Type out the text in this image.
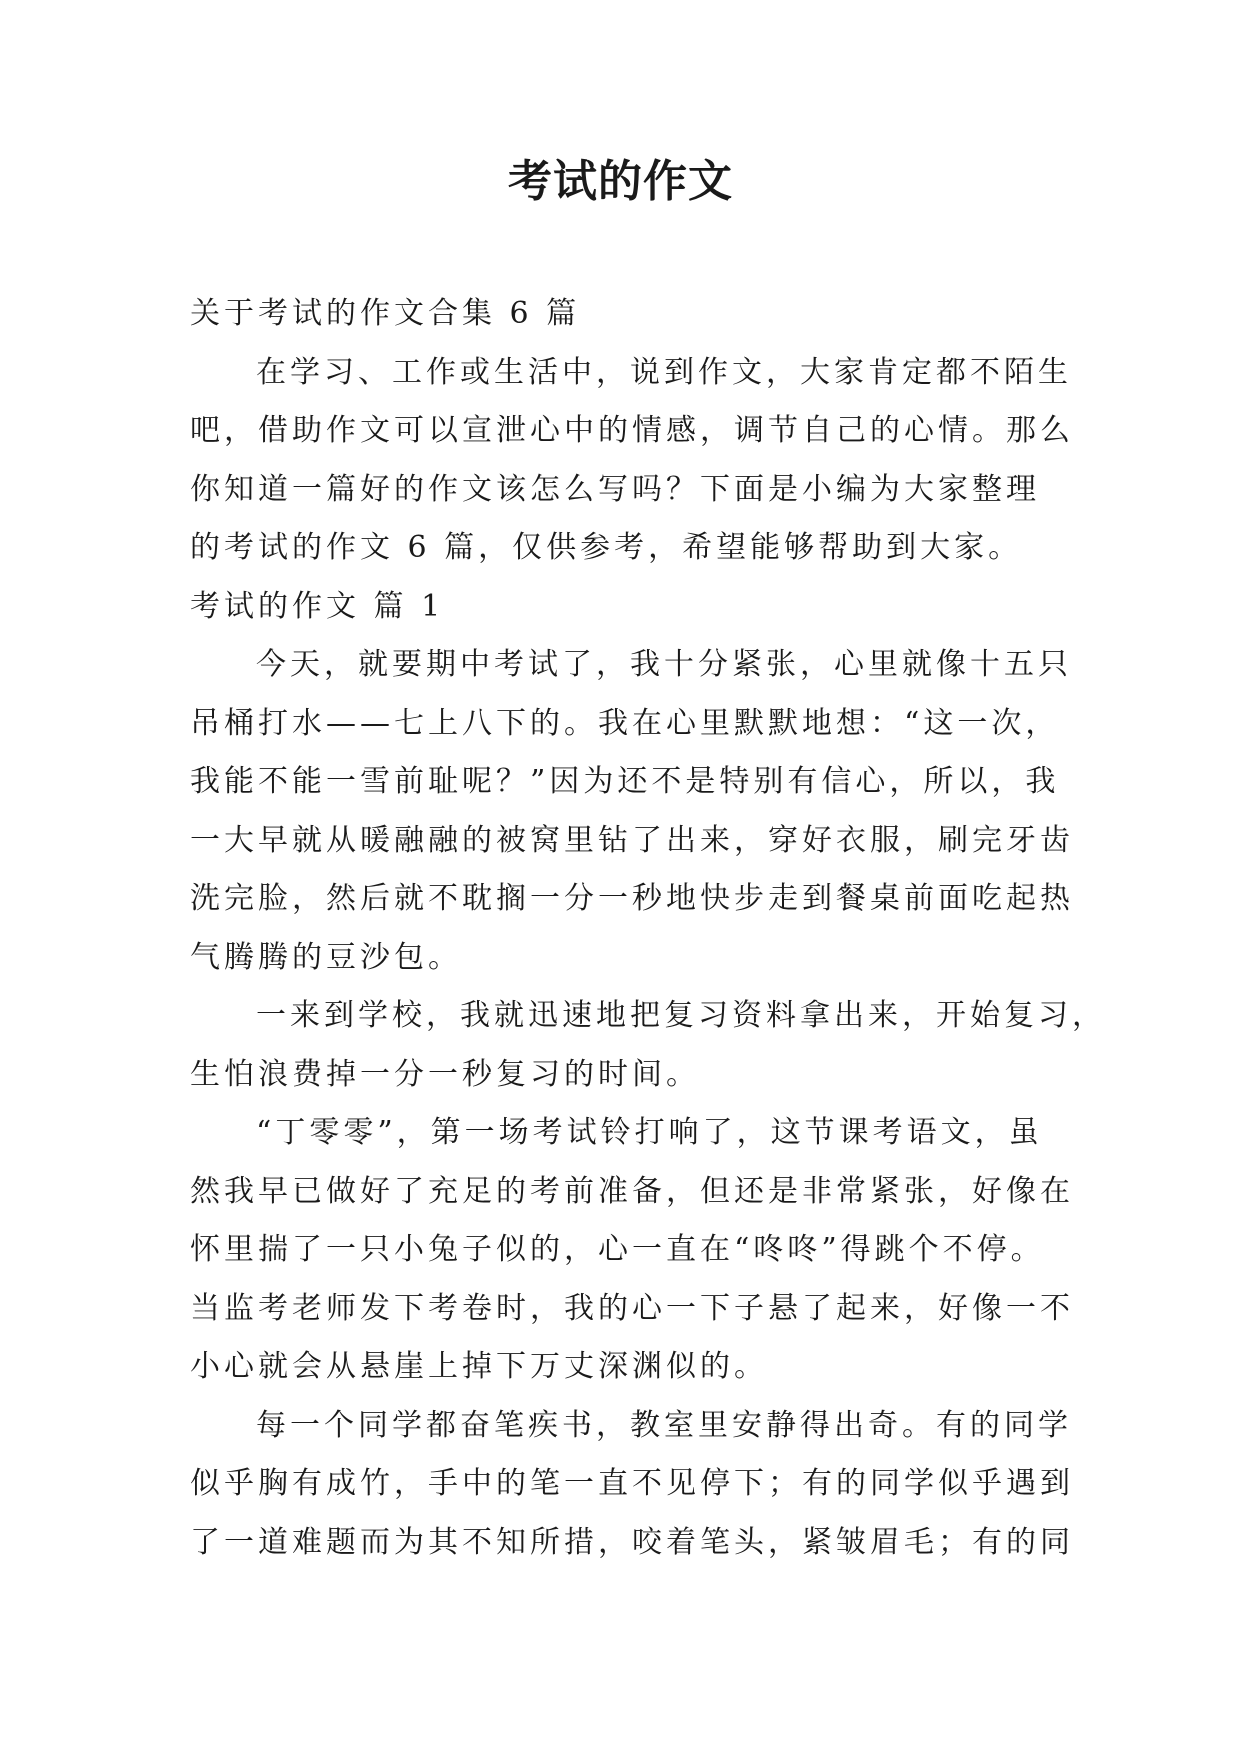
考试的作文

关于考试的作文合集 6 篇

在学习、工作或生活中，说到作文，大家肯定都不陌生

吧，借助作文可以宣泄心中的情感，调节自己的心情。那么

你知道一篇好的作文该怎么写吗？下面是小编为大家整理

的考试的作文 6 篇，仅供参考，希望能够帮助到大家。

考试的作文 篇 1

今天，就要期中考试了，我十分紧张，心里就像十五只

吊桶打水——七上八下的。我在心里默默地想：“这一次，

我能不能一雪前耻呢？”因为还不是特别有信心，所以，我

一大早就从暖融融的被窝里钻了出来，穿好衣服，刷完牙齿

洗完脸，然后就不耽搁一分一秒地快步走到餐桌前面吃起热

气腾腾的豆沙包。

一来到学校，我就迅速地把复习资料拿出来，开始复习，

生怕浪费掉一分一秒复习的时间。

“丁零零”，第一场考试铃打响了，这节课考语文，虽

然我早已做好了充足的考前准备，但还是非常紧张，好像在

怀里揣了一只小兔子似的，心一直在“咚咚”得跳个不停。

当监考老师发下考卷时，我的心一下子悬了起来，好像一不

小心就会从悬崖上掉下万丈深渊似的。

每一个同学都奋笔疾书，教室里安静得出奇。有的同学

似乎胸有成竹，手中的笔一直不见停下；有的同学似乎遇到

了一道难题而为其不知所措，咬着笔头，紧皱眉毛；有的同
